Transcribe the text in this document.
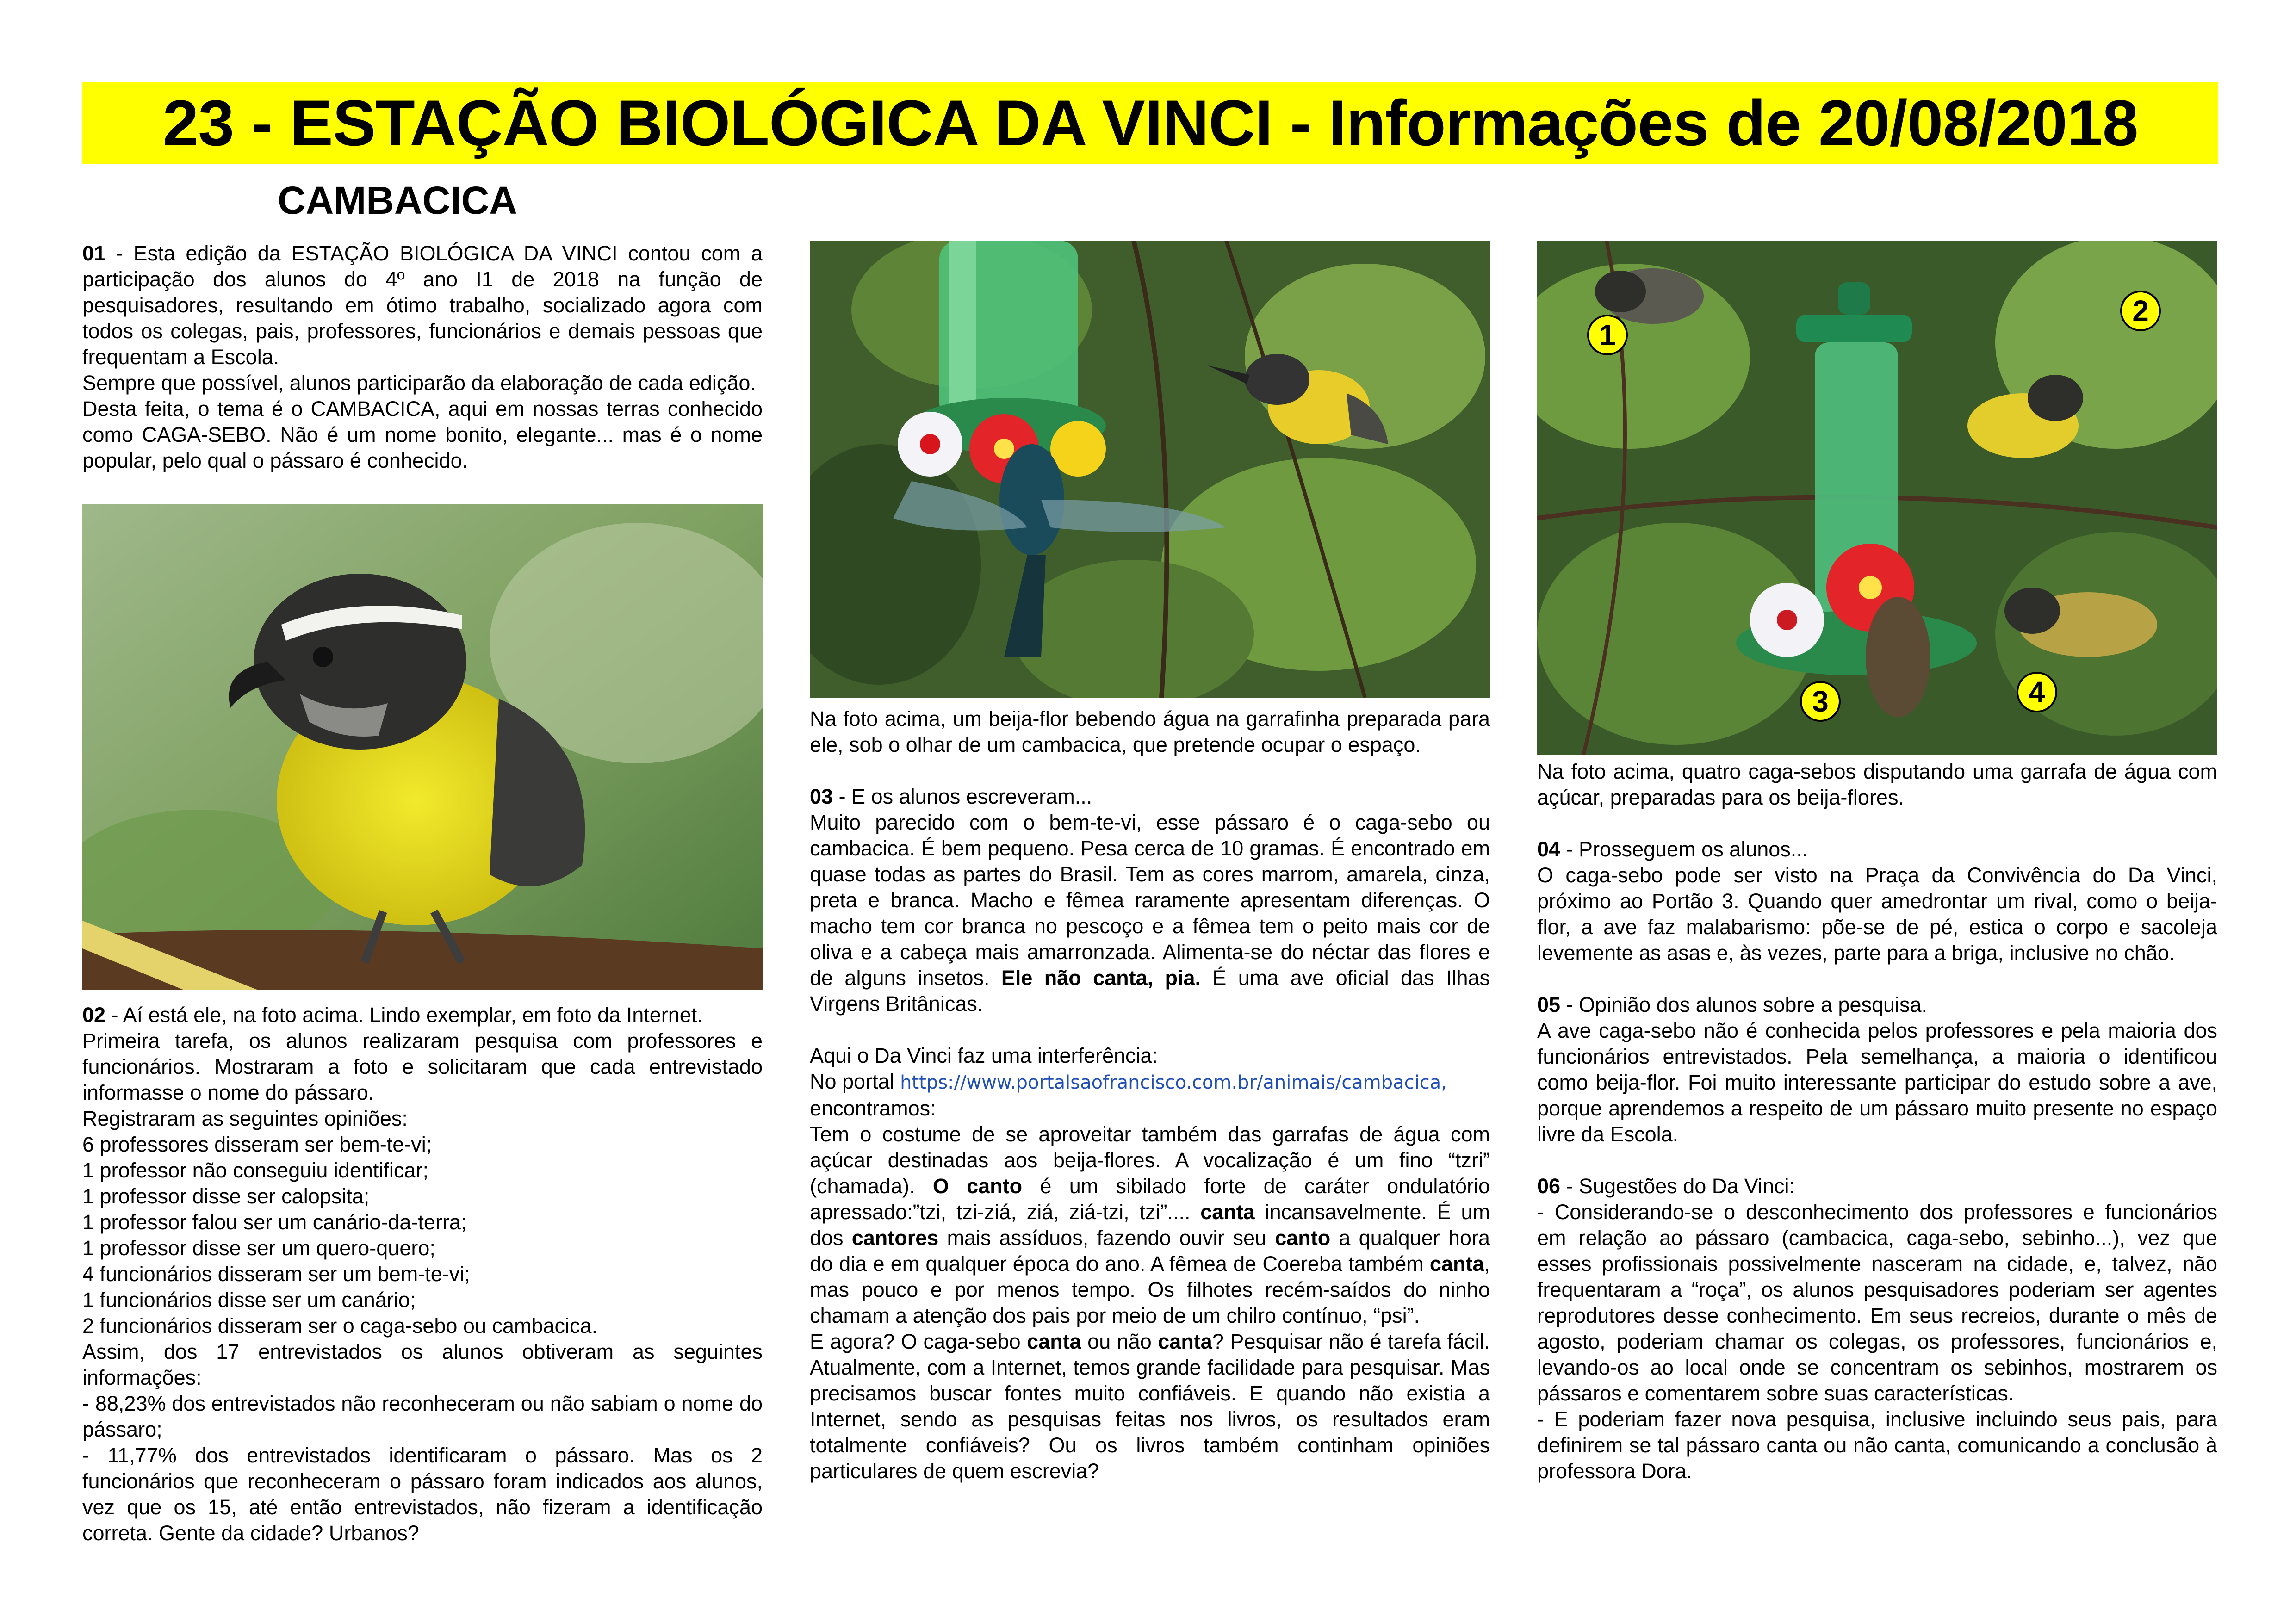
23 - ESTAÇÃO BIOLÓGICA DA VINCI - Informações de 20/08/2018
CAMBACICA

01 - Esta edição da ESTAÇÃO BIOLÓGICA DA VINCI contou com a participação dos alunos do 4º ano I1 de 2018 na função de pesquisadores, resultando em ótimo trabalho, socializado agora com todos os colegas, pais, professores, funcionários e demais pessoas que frequentam a Escola.

Sempre que possível, alunos participarão da elaboração de cada edição.

Desta feita, o tema é o CAMBACICA, aqui em nossas terras conhecido como CAGA-SEBO. Não é um nome bonito, elegante... mas é o nome popular, pelo qual o pássaro é conhecido.

02 - Aí está ele, na foto acima. Lindo exemplar, em foto da Internet.

Primeira tarefa, os alunos realizaram pesquisa com professores e funcionários. Mostraram a foto e solicitaram que cada entrevistado informasse o nome do pássaro.

Registraram as seguintes opiniões:

6 professores disseram ser bem-te-vi;

1 professor não conseguiu identificar;

1 professor disse ser calopsita;

1 professor falou ser um canário-da-terra;

1 professor disse ser um quero-quero;

4 funcionários disseram ser um bem-te-vi;

1 funcionários disse ser um canário;

2 funcionários disseram ser o caga-sebo ou cambacica.

Assim, dos 17 entrevistados os alunos obtiveram as seguintes informações:

- 88,23% dos entrevistados não reconheceram ou não sabiam o nome do pássaro;

- 11,77% dos entrevistados identificaram o pássaro. Mas os 2 funcionários que reconheceram o pássaro foram indicados aos alunos, vez que os 15, até então entrevistados, não fizeram a identificação correta. Gente da cidade? Urbanos?

Na foto acima, um beija-flor bebendo água na garrafinha preparada para ele, sob o olhar de um cambacica, que pretende ocupar o espaço.

03 - E os alunos escreveram...

Muito parecido com o bem-te-vi, esse pássaro é o caga-sebo ou cambacica. É bem pequeno. Pesa cerca de 10 gramas. É encontrado em quase todas as partes do Brasil. Tem as cores marrom, amarela, cinza, preta e branca. Macho e fêmea raramente apresentam diferenças. O macho tem cor branca no pescoço e a fêmea tem o peito mais cor de oliva e a cabeça mais amarronzada. Alimenta-se do néctar das flores e de alguns insetos. Ele não canta, pia. É uma ave oficial das Ilhas Virgens Britânicas.

Aqui o Da Vinci faz uma interferência:

No portal https://www.portalsaofrancisco.com.br/animais/cambacica,

encontramos:

Tem o costume de se aproveitar também das garrafas de água com açúcar destinadas aos beija-flores. A vocalização é um fino “tzri” (chamada). O canto é um sibilado forte de caráter ondulatório apressado:”tzi, tzi-ziá, ziá, ziá-tzi, tzi”.... canta incansavelmente. É um dos cantores mais assíduos, fazendo ouvir seu canto a qualquer hora do dia e em qualquer época do ano. A fêmea de Coereba também canta, mas pouco e por menos tempo. Os filhotes recém-saídos do ninho chamam a atenção dos pais por meio de um chilro contínuo, “psi”.

E agora? O caga-sebo canta ou não canta? Pesquisar não é tarefa fácil. Atualmente, com a Internet, temos grande facilidade para pesquisar. Mas precisamos buscar fontes muito confiáveis. E quando não existia a Internet, sendo as pesquisas feitas nos livros, os resultados eram totalmente confiáveis? Ou os livros também continham opiniões particulares de quem escrevia?

1
2
3	4

Na foto acima, quatro caga-sebos disputando uma garrafa de água com açúcar, preparadas para os beija-flores.

04 - Prosseguem os alunos...

O caga-sebo pode ser visto na Praça da Convivência do Da Vinci, próximo ao Portão 3. Quando quer amedrontar um rival, como o beija-flor, a ave faz malabarismo: põe-se de pé, estica o corpo e sacoleja levemente as asas e, às vezes, parte para a briga, inclusive no chão.

05 - Opinião dos alunos sobre a pesquisa.

A ave caga-sebo não é conhecida pelos professores e pela maioria dos funcionários entrevistados. Pela semelhança, a maioria o identificou como beija-flor. Foi muito interessante participar do estudo sobre a ave, porque aprendemos a respeito de um pássaro muito presente no espaço livre da Escola.

06 - Sugestões do Da Vinci:

- Considerando-se o desconhecimento dos professores e funcionários em relação ao pássaro (cambacica, caga-sebo, sebinho...), vez que esses profissionais possivelmente nasceram na cidade, e, talvez, não frequentaram a “roça”, os alunos pesquisadores poderiam ser agentes reprodutores desse conhecimento. Em seus recreios, durante o mês de agosto, poderiam chamar os colegas, os professores, funcionários e, levando-os ao local onde se concentram os sebinhos, mostrarem os pássaros e comentarem sobre suas características.

- E poderiam fazer nova pesquisa, inclusive incluindo seus pais, para definirem se tal pássaro canta ou não canta, comunicando a conclusão à professora Dora.
